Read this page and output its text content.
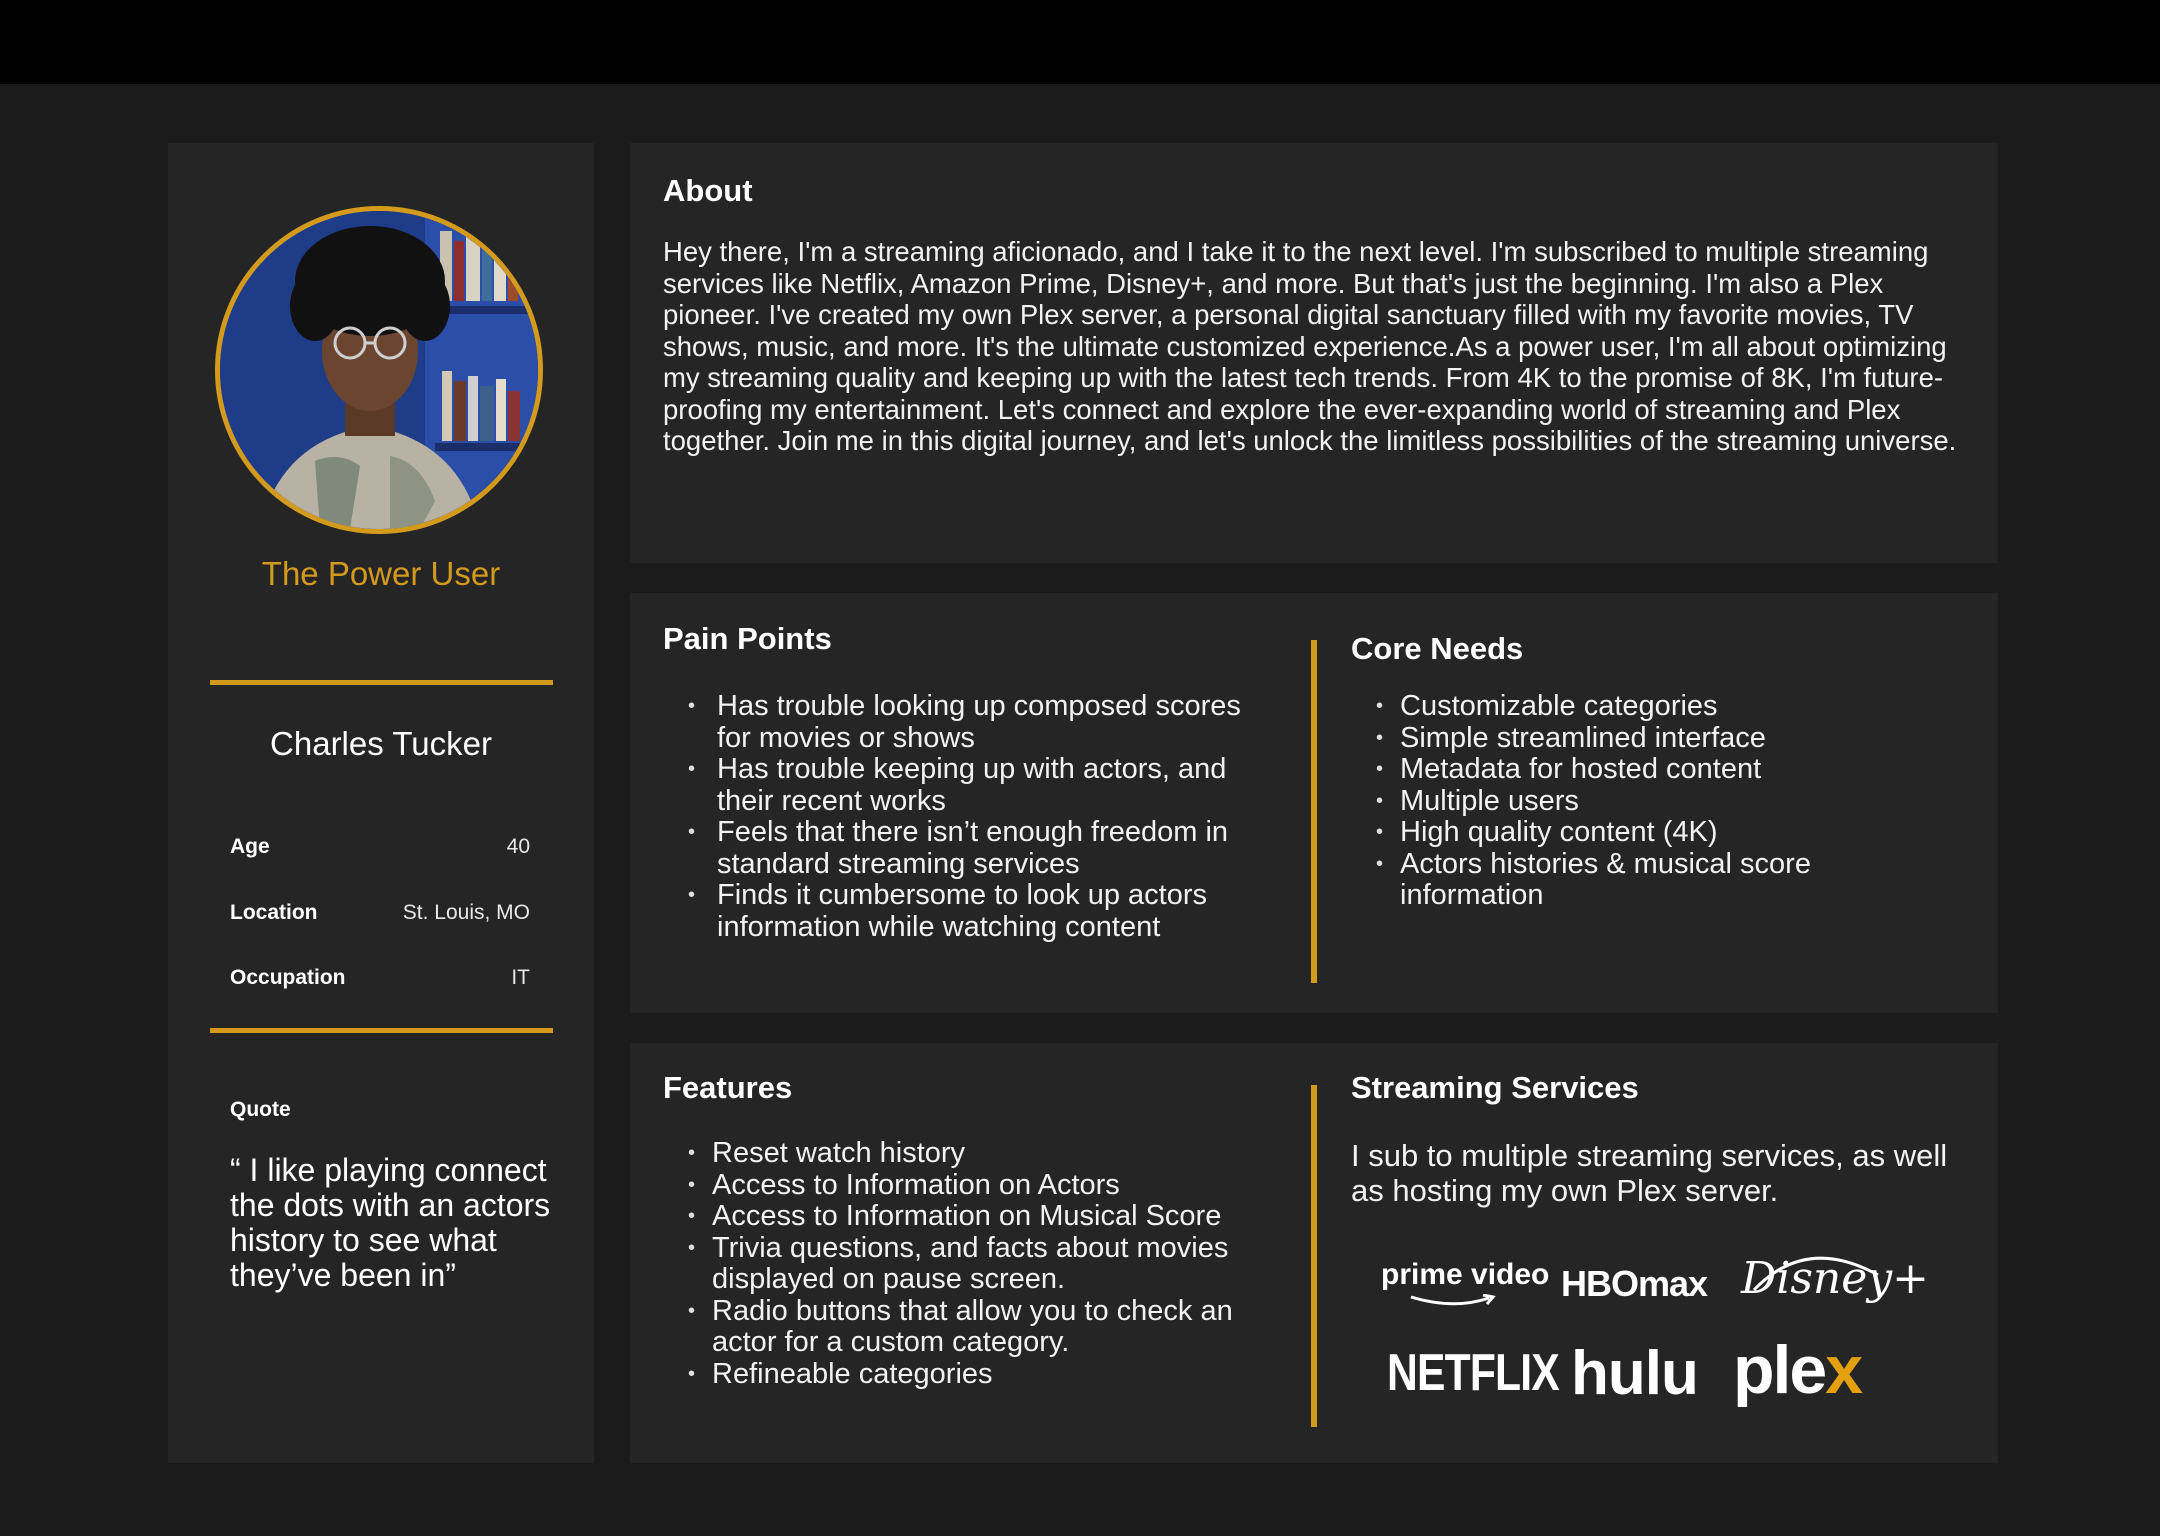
The Power User
Charles Tucker
Age	40
Location	St. Louis, MO
Occupation	IT
Quote
“ I like playing connect the dots with an actors history to see what they’ve been in”
About
Hey there, I'm a streaming aficionado, and I take it to the next level. I'm subscribed to multiple streaming services like Netflix, Amazon Prime, Disney+, and more. But that's just the beginning. I'm also a Plex pioneer. I've created my own Plex server, a personal digital sanctuary filled with my favorite movies, TV shows, music, and more. It's the ultimate customized experience.As a power user, I'm all about optimizing my streaming quality and keeping up with the latest tech trends. From 4K to the promise of 8K, I'm future-proofing my entertainment. Let's connect and explore the ever-expanding world of streaming and Plex together. Join me in this digital journey, and let's unlock the limitless possibilities of the streaming universe.
Pain Points
• Has trouble looking up composed scores for movies or shows
• Has trouble keeping up with actors, and their recent works
• Feels that there isn’t enough freedom in standard streaming services
• Finds it cumbersome to look up actors information while watching content
Core Needs
• Customizable categories
• Simple streamlined interface
• Metadata for hosted content
• Multiple users
• High quality content (4K)
• Actors histories & musical score information
Features
• Reset watch history
• Access to Information on Actors
• Access to Information on Musical Score
• Trivia questions, and facts about movies displayed on pause screen.
• Radio buttons that allow you to check an actor for a custom category.
• Refineable categories
Streaming Services
I sub to multiple streaming services, as well as hosting my own Plex server.
prime video HBOmax Disney+
NETFLIX hulu plex
